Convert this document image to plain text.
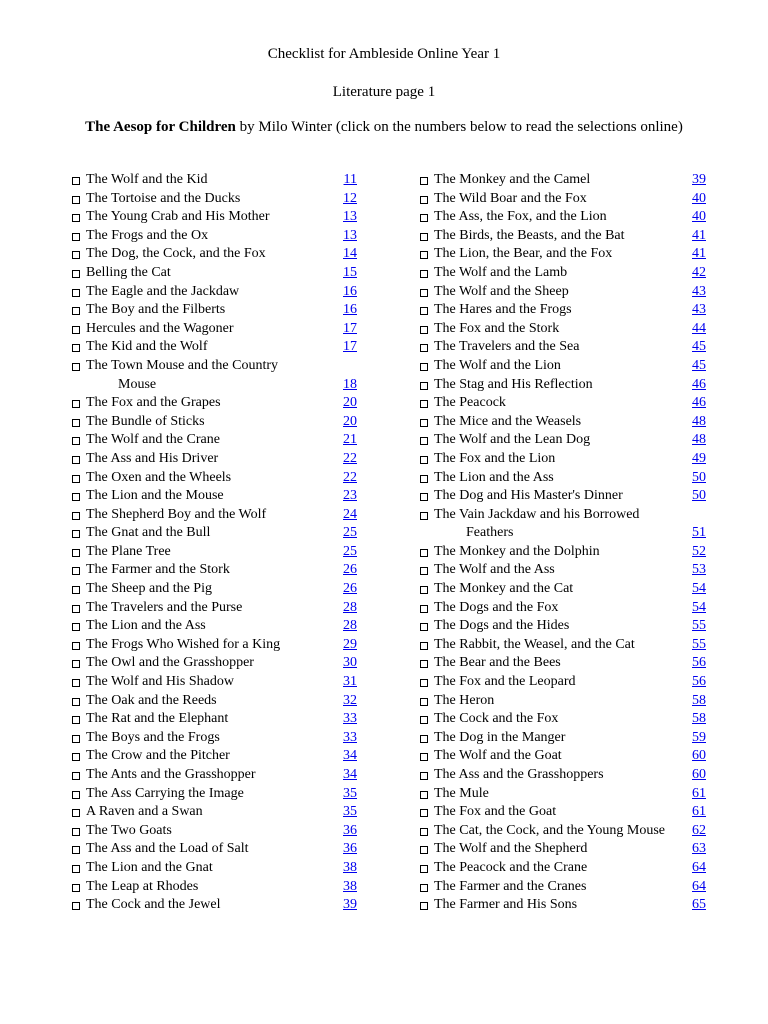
Checklist for Ambleside Online Year 1
Literature page 1
The Aesop for Children by Milo Winter (click on the numbers below to read the selections online)
The Wolf and the Kid	11
The Tortoise and the Ducks	12
The Young Crab and His Mother	13
The Frogs and the Ox	13
The Dog, the Cock, and the Fox	14
Belling the Cat	15
The Eagle and the Jackdaw	16
The Boy and the Filberts	16
Hercules and the Wagoner	17
The Kid and the Wolf	17
The Town Mouse and the Country
Mouse	18
The Fox and the Grapes	20
The Bundle of Sticks	20
The Wolf and the Crane	21
The Ass and His Driver	22
The Oxen and the Wheels	22
The Lion and the Mouse	23
The Shepherd Boy and the Wolf	24
The Gnat and the Bull	25
The Plane Tree	25
The Farmer and the Stork	26
The Sheep and the Pig	26
The Travelers and the Purse	28
The Lion and the Ass	28
The Frogs Who Wished for a King	29
The Owl and the Grasshopper	30
The Wolf and His Shadow	31
The Oak and the Reeds	32
The Rat and the Elephant	33
The Boys and the Frogs	33
The Crow and the Pitcher	34
The Ants and the Grasshopper	34
The Ass Carrying the Image	35
A Raven and a Swan	35
The Two Goats	36
The Ass and the Load of Salt	36
The Lion and the Gnat	38
The Leap at Rhodes	38
The Cock and the Jewel	39
The Monkey and the Camel	39
The Wild Boar and the Fox	40
The Ass, the Fox, and the Lion	40
The Birds, the Beasts, and the Bat	41
The Lion, the Bear, and the Fox	41
The Wolf and the Lamb	42
The Wolf and the Sheep	43
The Hares and the Frogs	43
The Fox and the Stork	44
The Travelers and the Sea	45
The Wolf and the Lion	45
The Stag and His Reflection	46
The Peacock	46
The Mice and the Weasels	48
The Wolf and the Lean Dog	48
The Fox and the Lion	49
The Lion and the Ass	50
The Dog and His Master's Dinner	50
The Vain Jackdaw and his Borrowed
Feathers	51
The Monkey and the Dolphin	52
The Wolf and the Ass	53
The Monkey and the Cat	54
The Dogs and the Fox	54
The Dogs and the Hides	55
The Rabbit, the Weasel, and the Cat	55
The Bear and the Bees	56
The Fox and the Leopard	56
The Heron	58
The Cock and the Fox	58
The Dog in the Manger	59
The Wolf and the Goat	60
The Ass and the Grasshoppers	60
The Mule	61
The Fox and the Goat	61
The Cat, the Cock, and the Young Mouse 62
The Wolf and the Shepherd	63
The Peacock and the Crane	64
The Farmer and the Cranes	64
The Farmer and His Sons	65
